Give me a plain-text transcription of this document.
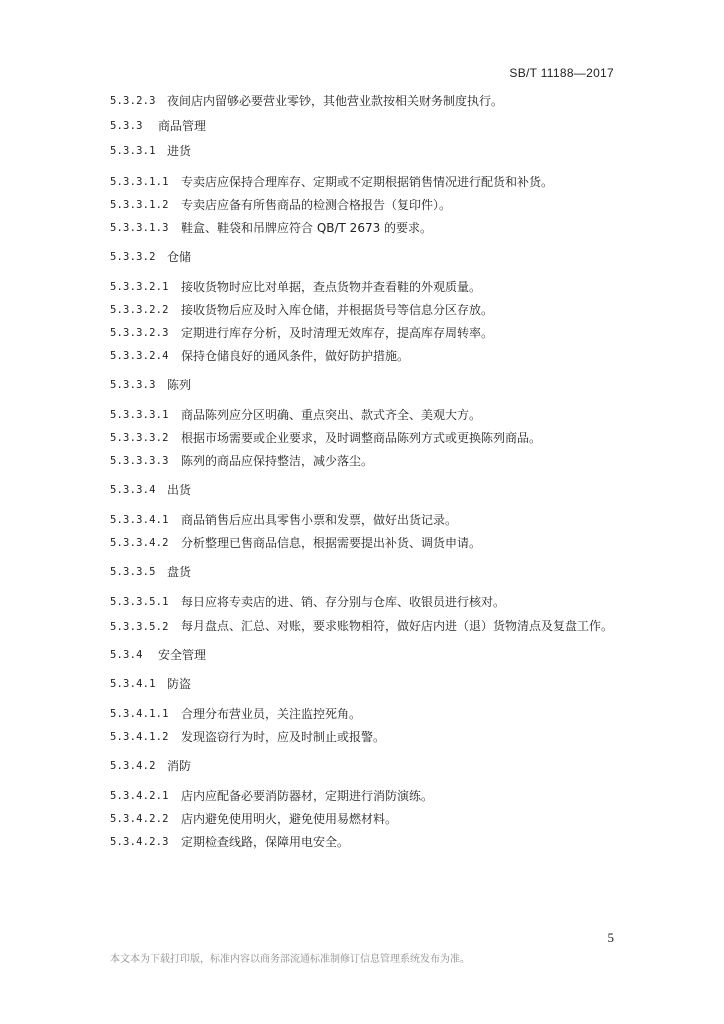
SB/T 11188—2017
5.3.2.3 夜间店内留够必要营业零钞，其他营业款按相关财务制度执行。
5.3.3	商品管理
5.3.3.1 进货
5.3.3.1.1	专卖店应保持合理库存、定期或不定期根据销售情况进行配货和补货。
5.3.3.1.2	专卖店应备有所售商品的检测合格报告（复印件）。
5.3.3.1.3	鞋盒、鞋袋和吊牌应符合 QB/T 2673 的要求。
5.3.3.2 仓储
5.3.3.2.1	接收货物时应比对单据，查点货物并查看鞋的外观质量。
5.3.3.2.2	接收货物后应及时入库仓储，并根据货号等信息分区存放。
5.3.3.2.3	定期进行库存分析，及时清理无效库存，提高库存周转率。
5.3.3.2.4	保持仓储良好的通风条件，做好防护措施。
5.3.3.3 陈列
5.3.3.3.1	商品陈列应分区明确、重点突出、款式齐全、美观大方。
5.3.3.3.2	根据市场需要或企业要求，及时调整商品陈列方式或更换陈列商品。
5.3.3.3.3	陈列的商品应保持整洁，减少落尘。
5.3.3.4 出货
5.3.3.4.1	商品销售后应出具零售小票和发票，做好出货记录。
5.3.3.4.2	分析整理已售商品信息，根据需要提出补货、调货申请。
5.3.3.5 盘货
5.3.3.5.1	每日应将专卖店的进、销、存分别与仓库、收银员进行核对。
5.3.3.5.2 每月盘点、汇总、对账，要求账物相符，做好店内进（退）货物清点及复盘工作。
5.3.4	安全管理
5.3.4.1 防盗
5.3.4.1.1	合理分布营业员，关注监控死角。
5.3.4.1.2	发现盗窃行为时，应及时制止或报警。
5.3.4.2 消防
5.3.4.2.1	店内应配备必要消防器材，定期进行消防演练。
5.3.4.2.2	店内避免使用明火，避免使用易燃材料。
5.3.4.2.3	定期检查线路，保障用电安全。
5
本文本为下载打印版，标准内容以商务部流通标准制修订信息管理系统发布为准。
